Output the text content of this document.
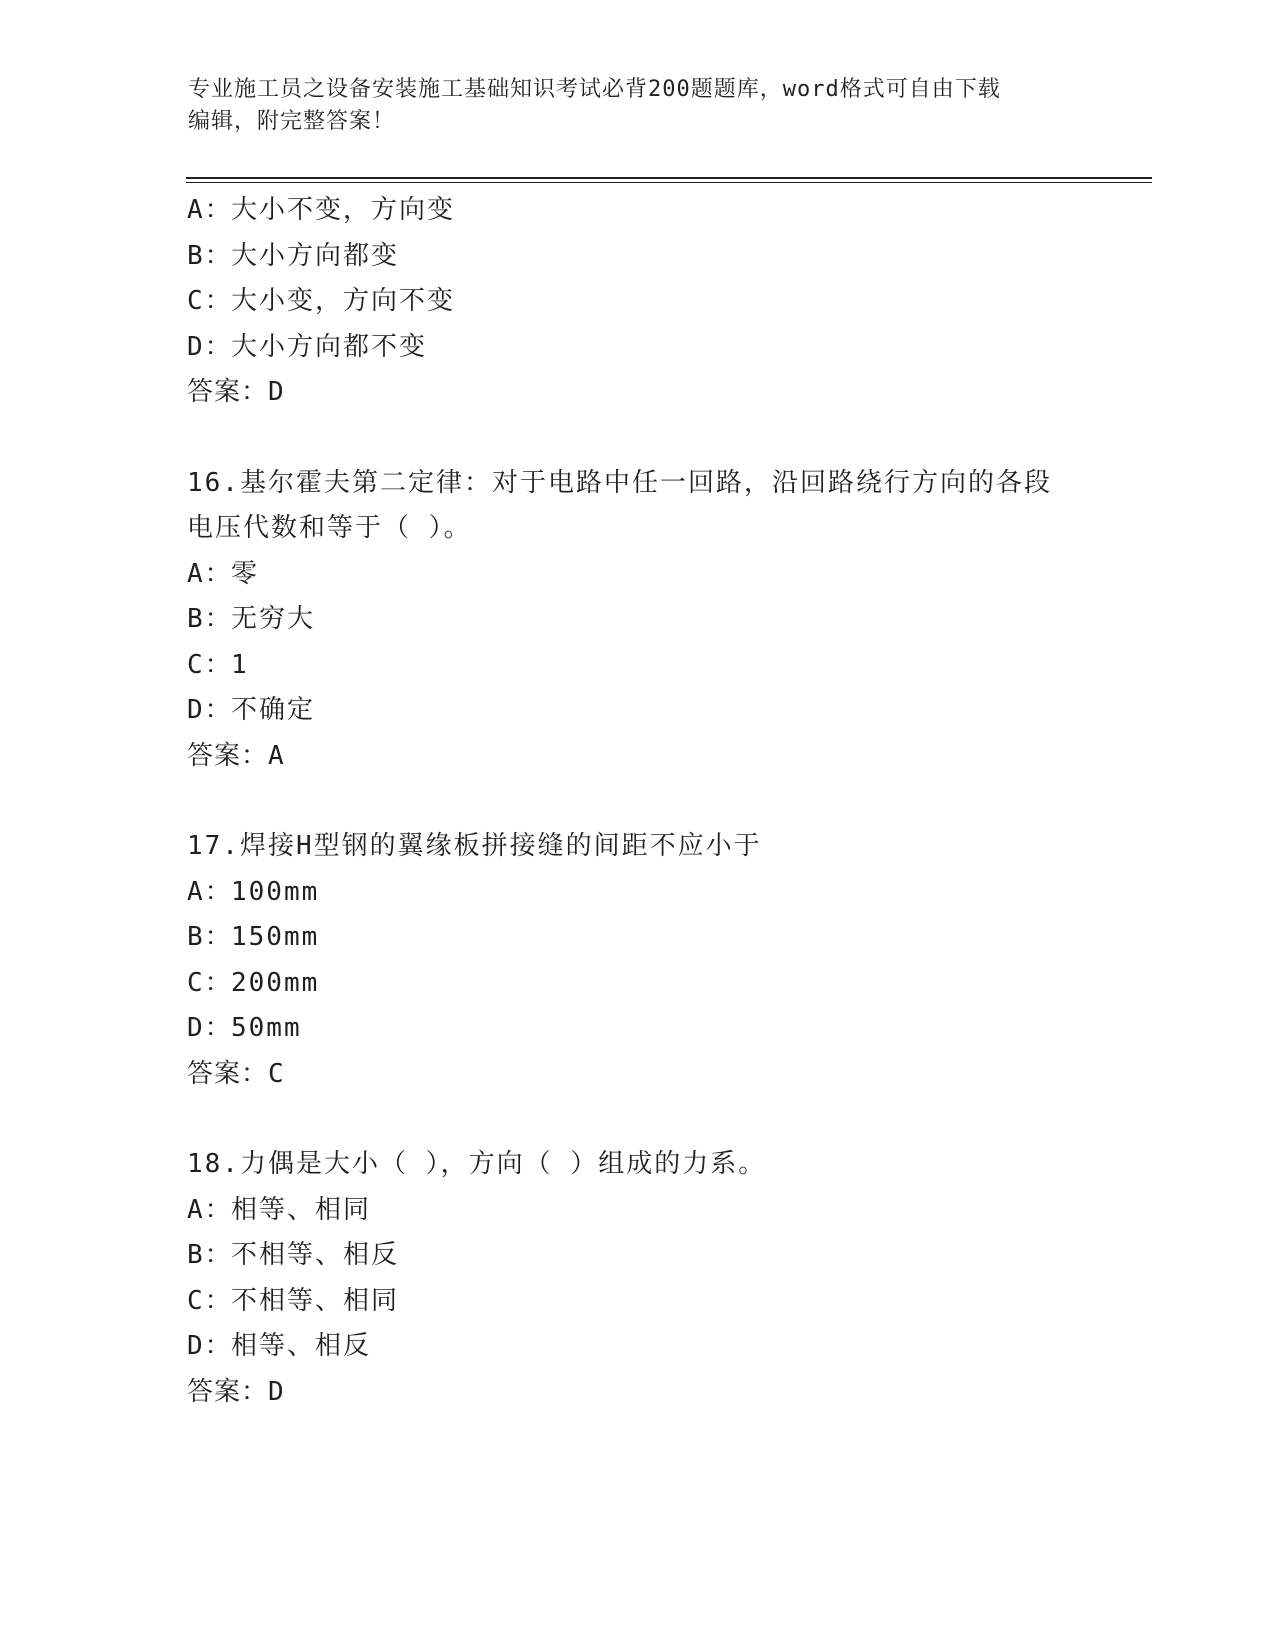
专业施工员之设备安装施工基础知识考试必背200题题库，word格式可自由下载
编辑，附完整答案！
A：大小不变，方向变
B：大小方向都变
C：大小变，方向不变
D：大小方向都不变
答案：D
16.基尔霍夫第二定律：对于电路中任一回路，沿回路绕行方向的各段
电压代数和等于（ ）。
A：零
B：无穷大
C：1
D：不确定
答案：A
17.焊接H型钢的翼缘板拼接缝的间距不应小于
A：100mm
B：150mm
C：200mm
D：50mm
答案：C
18.力偶是大小（ ），方向（ ）组成的力系。
A：相等、相同
B：不相等、相反
C：不相等、相同
D：相等、相反
答案：D
